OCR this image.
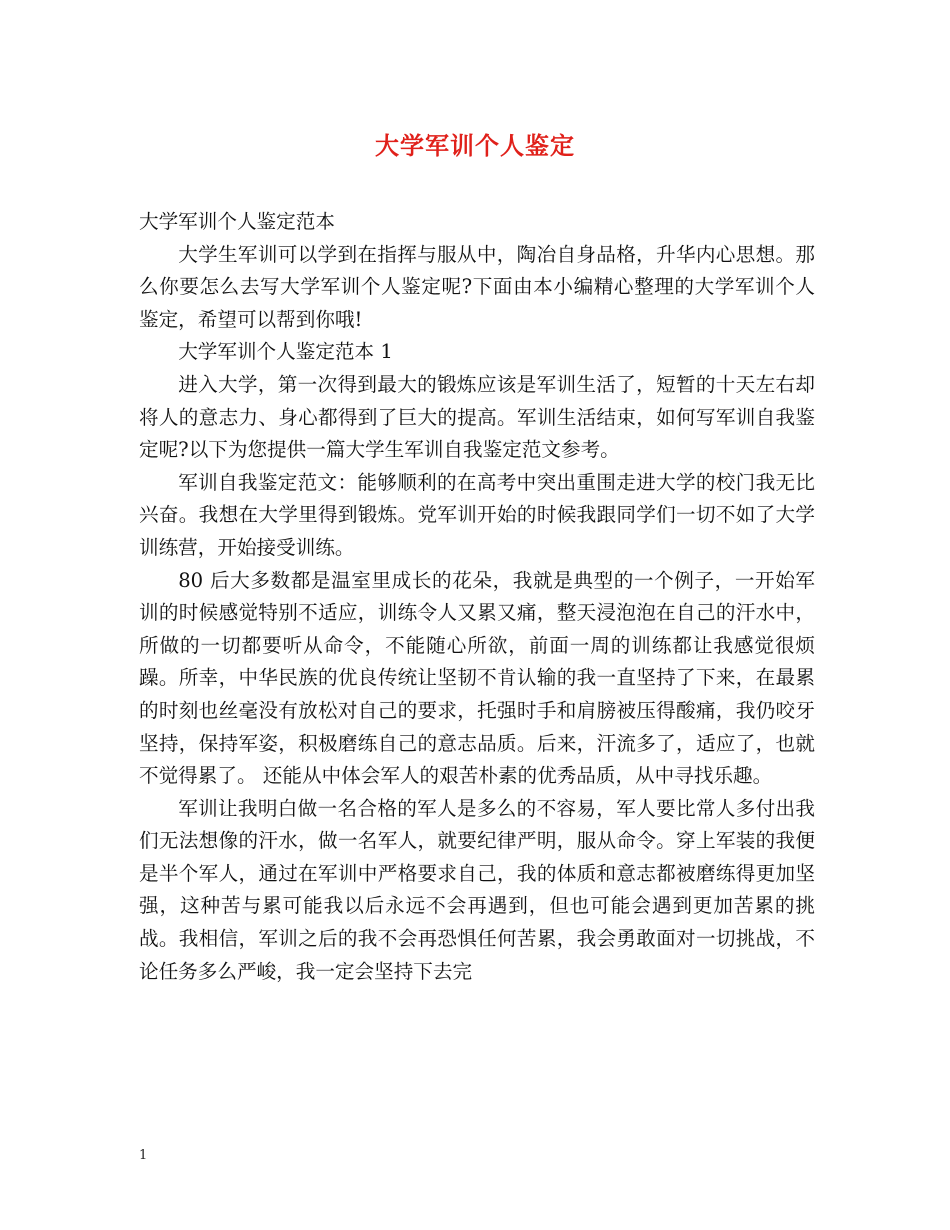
大学军训个人鉴定

大学军训个人鉴定范本

大学生军训可以学到在指挥与服从中，陶冶自身品格，升华内心思想。那么你要怎么去写大学军训个人鉴定呢?下面由本小编精心整理的大学军训个人鉴定，希望可以帮到你哦!

大学军训个人鉴定范本 1

进入大学，第一次得到最大的锻炼应该是军训生活了，短暂的十天左右却将人的意志力、身心都得到了巨大的提高。军训生活结束，如何写军训自我鉴定呢?以下为您提供一篇大学生军训自我鉴定范文参考。

军训自我鉴定范文：能够顺利的在高考中突出重围走进大学的校门我无比兴奋。我想在大学里得到锻炼。党军训开始的时候我跟同学们一切不如了大学训练营，开始接受训练。

80 后大多数都是温室里成长的花朵，我就是典型的一个例子，一开始军训的时候感觉特别不适应，训练令人又累又痛，整天浸泡泡在自己的汗水中，所做的一切都要听从命令，不能随心所欲，前面一周的训练都让我感觉很烦躁。所幸，中华民族的优良传统让坚韧不肯认输的我一直坚持了下来，在最累的时刻也丝毫没有放松对自己的要求，托强时手和肩膀被压得酸痛，我仍咬牙坚持，保持军姿，积极磨练自己的意志品质。后来，汗流多了，适应了，也就不觉得累了。 还能从中体会军人的艰苦朴素的优秀品质，从中寻找乐趣。

军训让我明白做一名合格的军人是多么的不容易，军人要比常人多付出我们无法想像的汗水，做一名军人，就要纪律严明，服从命令。穿上军装的我便是半个军人，通过在军训中严格要求自己，我的体质和意志都被磨练得更加坚强，这种苦与累可能我以后永远不会再遇到，但也可能会遇到更加苦累的挑战。我相信，军训之后的我不会再恐惧任何苦累，我会勇敢面对一切挑战，不论任务多么严峻，我一定会坚持下去完

1
